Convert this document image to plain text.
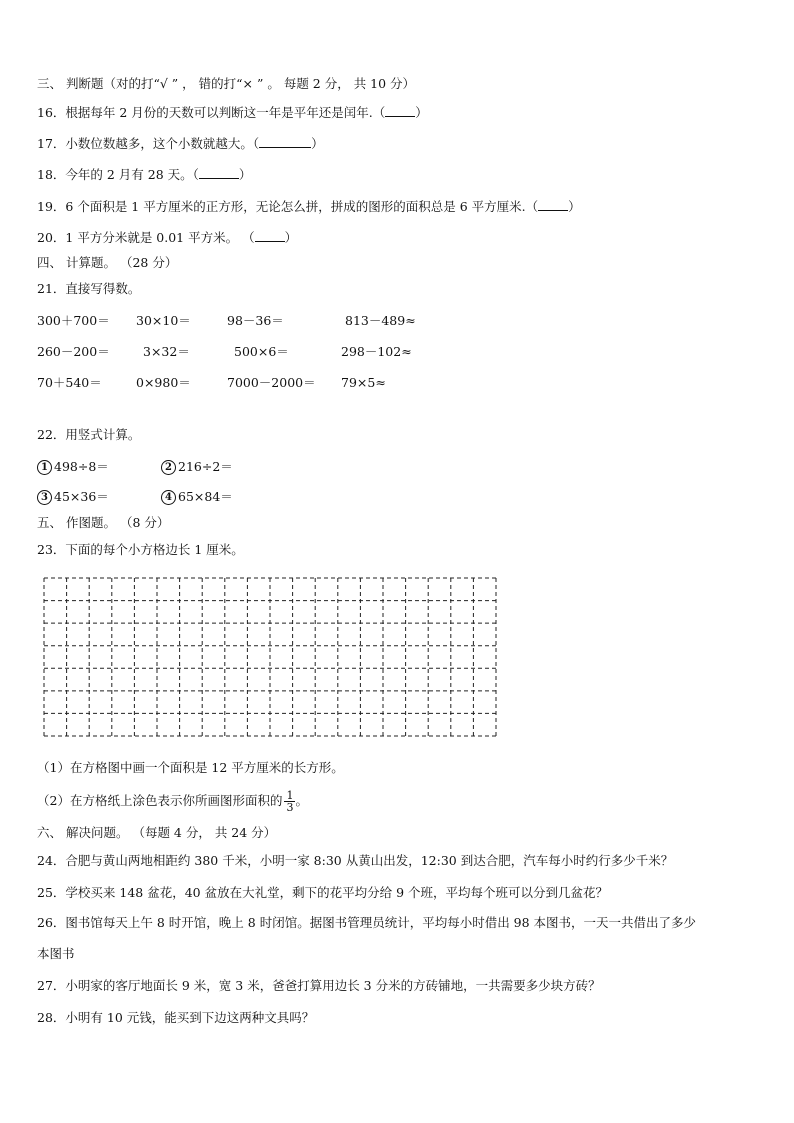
三、 判断题（对的打“√ ” ， 错的打“× ” 。 每题 2 分， 共 10 分）
16．根据每年 2 月份的天数可以判断这一年是平年还是闰年.（ ）
17．小数位数越多，这个小数就越大。（	）
18．今年的 2 月有 28 天。（	）
19．6 个面积是 1 平方厘米的正方形，无论怎么拼，拼成的图形的面积总是 6 平方厘米.（ ）
20．1 平方分米就是 0.01 平方米。 （ ）
四、 计算题。 （28 分）
21．直接写得数。
300＋700＝ 30×10＝	98－36＝	813－489≈
260－200＝	3×32＝	500×6＝	298－102≈
70＋540＝	0×980＝	7000－2000＝ 79×5≈
22．用竖式计算。
1 498÷8＝	2 216÷2＝
3 45×36＝	4 65×84＝
五、 作图题。 （8 分）
23．下面的每个小方格边长 1 厘米。
（1）在方格图中画一个面积是 12 平方厘米的长方形。
（2）在方格纸上涂色表示你所画图形面积的 $\frac{1}{3}$ 。
六、 解决问题。 （每题 4 分， 共 24 分）
24．合肥与黄山两地相距约 380 千米，小明一家 8:30 从黄山出发，12:30 到达合肥，汽车每小时约行多少千米？
25．学校买来 148 盆花，40 盆放在大礼堂，剩下的花平均分给 9 个班，平均每个班可以分到几盆花？
26．图书馆每天上午 8 时开馆，晚上 8 时闭馆。据图书管理员统计，平均每小时借出 98 本图书，一天一共借出了多少
本图书
27．小明家的客厅地面长 9 米，宽 3 米，爸爸打算用边长 3 分米的方砖铺地，一共需要多少块方砖？
28．小明有 10 元钱，能买到下边这两种文具吗？
